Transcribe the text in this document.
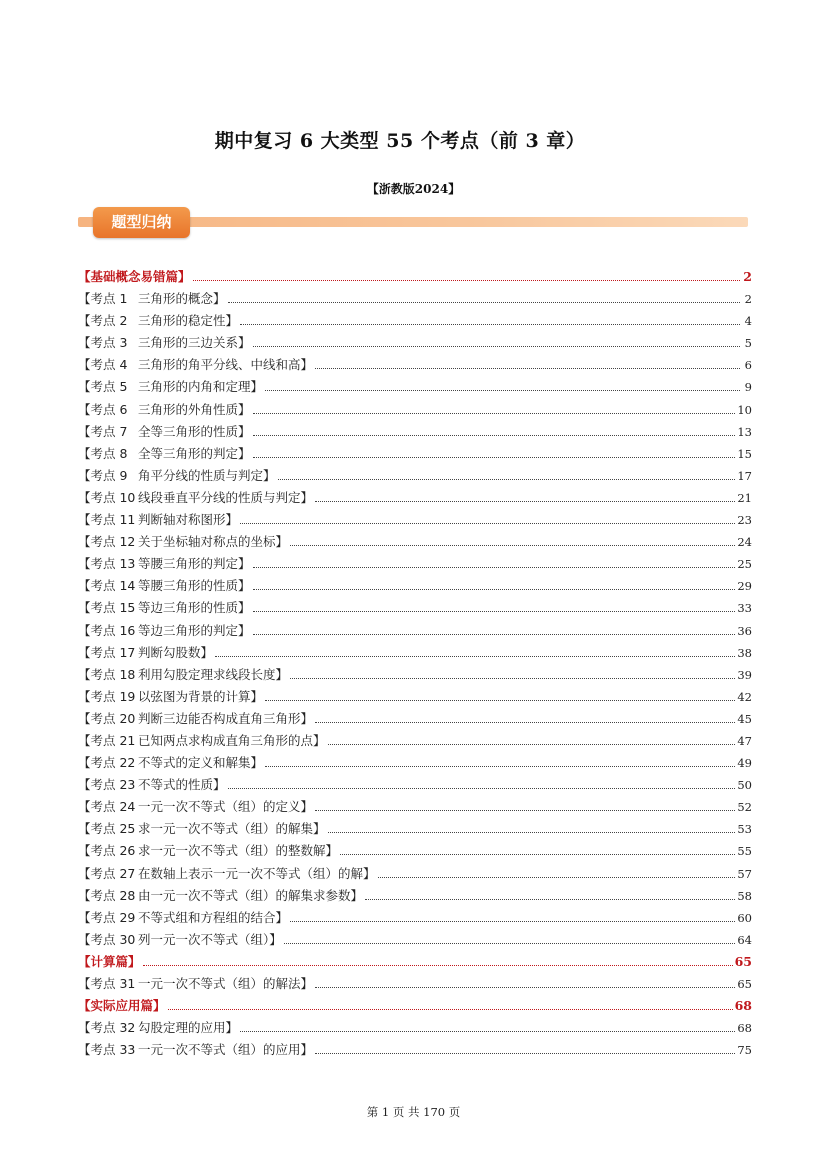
期中复习 6 大类型 55 个考点（前 3 章）
【浙教版2024】
题型归纳
【基础概念易错篇】	2
【考点 1 三角形的概念】	2
【考点 2 三角形的稳定性】	4
【考点 3 三角形的三边关系】	5
【考点 4 三角形的角平分线、中线和高】	6
【考点 5 三角形的内角和定理】	9
【考点 6 三角形的外角性质】	10
【考点 7 全等三角形的性质】	13
【考点 8 全等三角形的判定】	15
【考点 9 角平分线的性质与判定】	17
【考点 10 线段垂直平分线的性质与判定】	21
【考点 11 判断轴对称图形】	23
【考点 12 关于坐标轴对称点的坐标】	24
【考点 13 等腰三角形的判定】	25
【考点 14 等腰三角形的性质】	29
【考点 15 等边三角形的性质】	33
【考点 16 等边三角形的判定】	36
【考点 17 判断勾股数】	38
【考点 18 利用勾股定理求线段长度】	39
【考点 19 以弦图为背景的计算】	42
【考点 20 判断三边能否构成直角三角形】	45
【考点 21 已知两点求构成直角三角形的点】	47
【考点 22 不等式的定义和解集】	49
【考点 23 不等式的性质】	50
【考点 24 一元一次不等式（组）的定义】	52
【考点 25 求一元一次不等式（组）的解集】	53
【考点 26 求一元一次不等式（组）的整数解】	55
【考点 27 在数轴上表示一元一次不等式（组）的解】	57
【考点 28 由一元一次不等式（组）的解集求参数】	58
【考点 29 不等式组和方程组的结合】	60
【考点 30 列一元一次不等式（组）】	64
【计算篇】	65
【考点 31 一元一次不等式（组）的解法】	65
【实际应用篇】	68
【考点 32 勾股定理的应用】	68
【考点 33 一元一次不等式（组）的应用】	75
第 1 页 共 170 页
